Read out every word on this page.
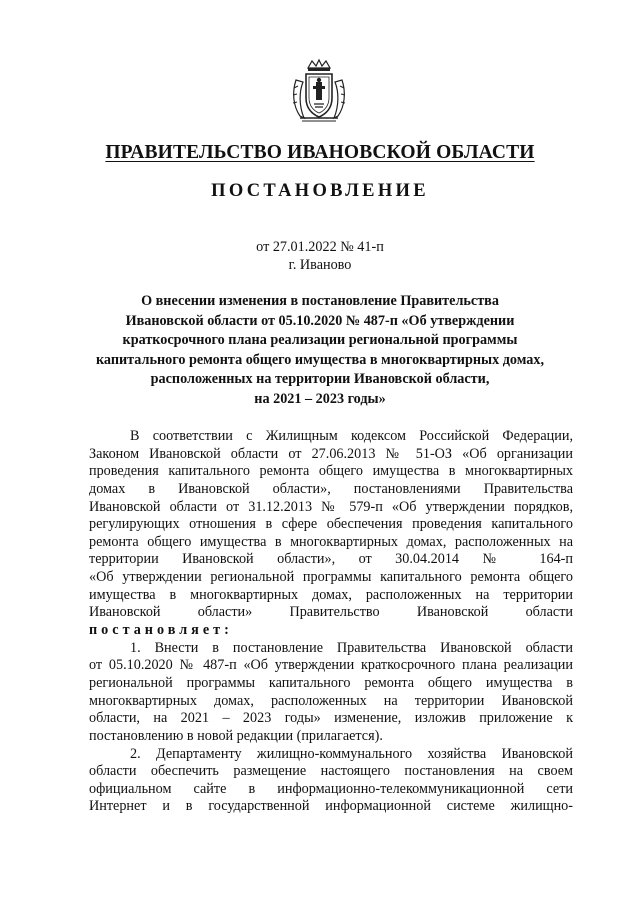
ПРАВИТЕЛЬСТВО ИВАНОВСКОЙ ОБЛАСТИ
ПОСТАНОВЛЕНИЕ
от 27.01.2022 № 41-п
г. Иваново
О внесении изменения в постановление Правительства
Ивановской области от 05.10.2020 № 487-п «Об утверждении
краткосрочного плана реализации региональной программы
капитального ремонта общего имущества в многоквартирных домах,
расположенных на территории Ивановской области,
на 2021 – 2023 годы»
В соответствии с Жилищным кодексом Российской Федерации,
Законом Ивановской области от 27.06.2013 № 51-ОЗ «Об организации
проведения капитального ремонта общего имущества в многоквартирных
домах в Ивановской области», постановлениями Правительства
Ивановской области от 31.12.2013 № 579-п «Об утверждении порядков,
регулирующих отношения в сфере обеспечения проведения капитального
ремонта общего имущества в многоквартирных домах, расположенных на
территории Ивановской области», от 30.04.2014 № 164-п
«Об утверждении региональной программы капитального ремонта общего
имущества в многоквартирных домах, расположенных на территории
Ивановской области» Правительство Ивановской области
постановляет:
1. Внести в постановление Правительства Ивановской области
от 05.10.2020 № 487-п «Об утверждении краткосрочного плана реализации
региональной программы капитального ремонта общего имущества в
многоквартирных домах, расположенных на территории Ивановской
области, на 2021 – 2023 годы» изменение, изложив приложение к
постановлению в новой редакции (прилагается).
2. Департаменту жилищно-коммунального хозяйства Ивановской
области обеспечить размещение настоящего постановления на своем
официальном сайте в информационно-телекоммуникационной сети
Интернет и в государственной информационной системе жилищно-
